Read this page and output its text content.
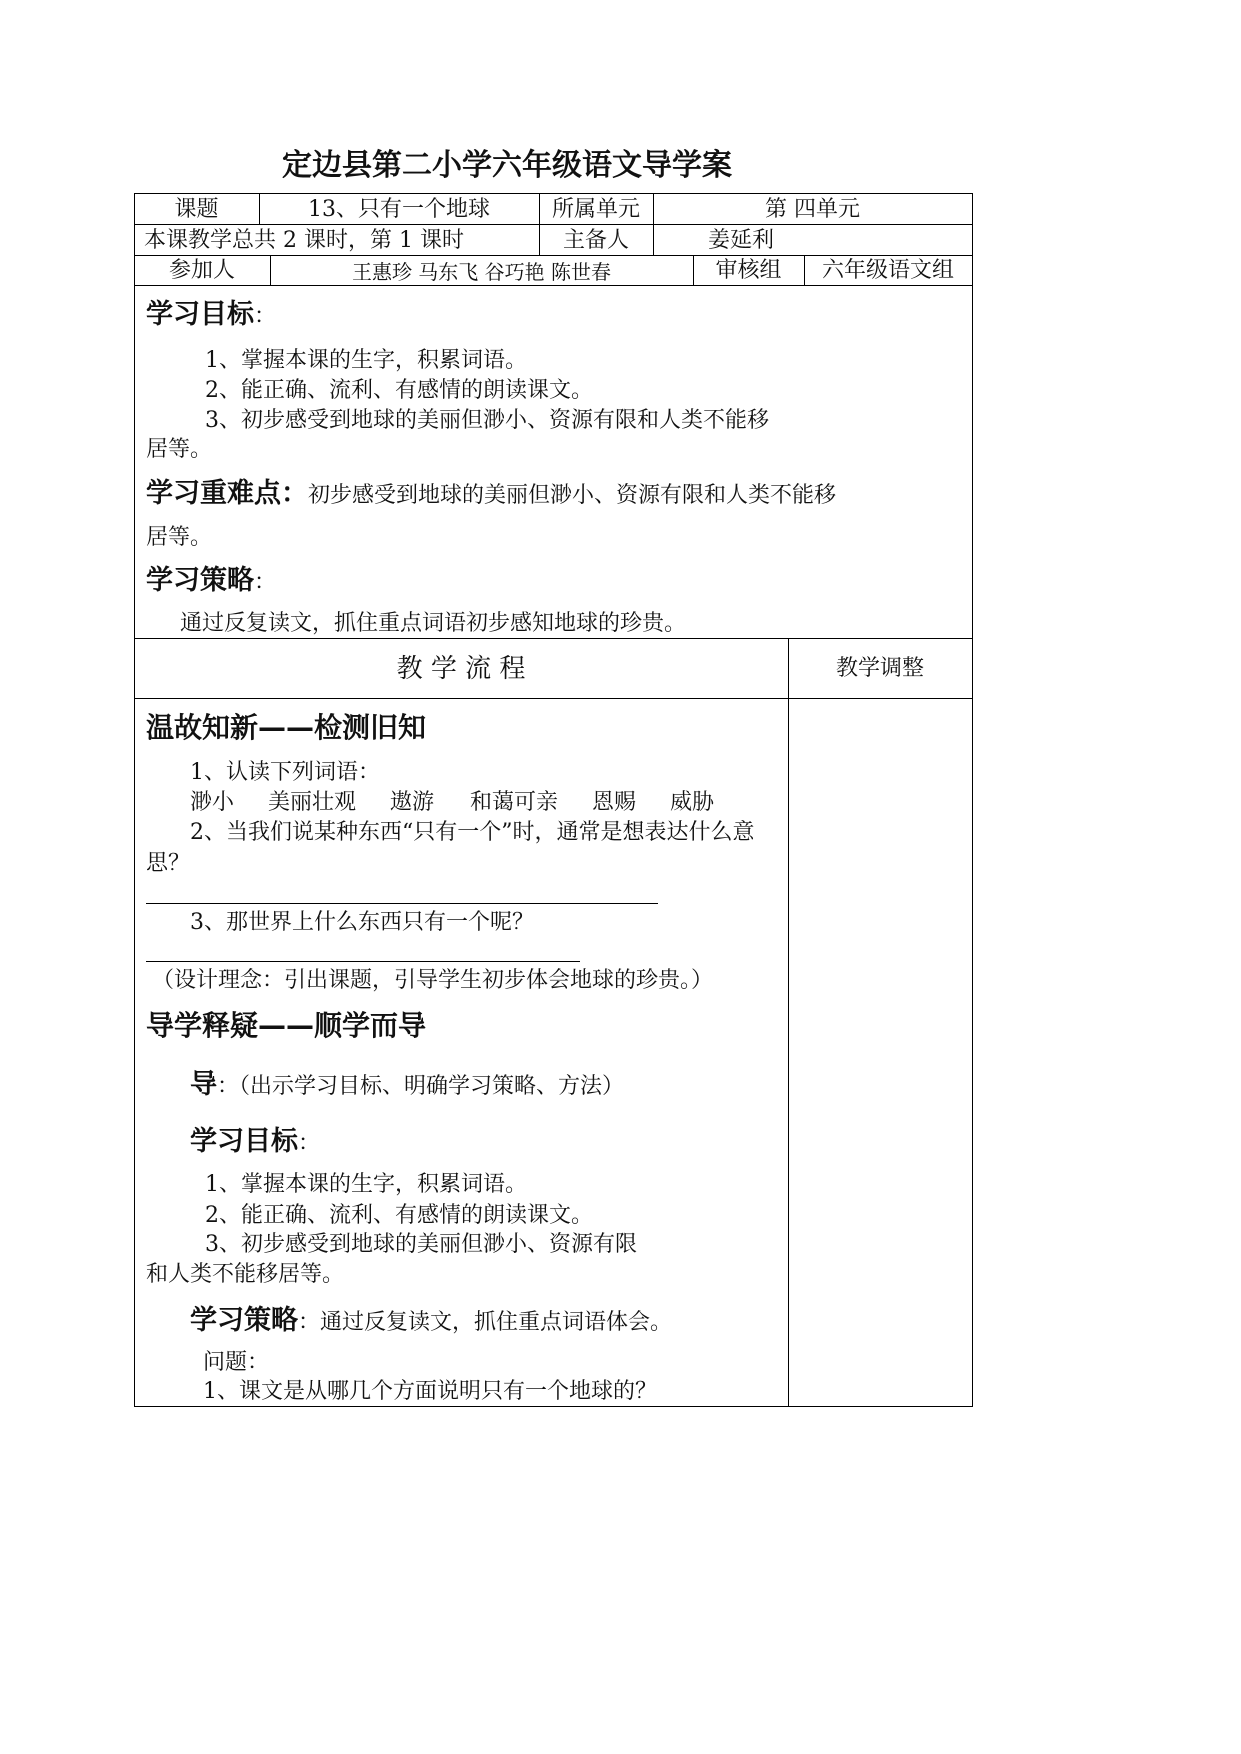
定边县第二小学六年级语文导学案
课题	13、只有一个地球	所属单元	第 四单元
本课教学总共 2 课时，第 1 课时	主备人	姜延利
参加人	王惠珍 马东飞 谷巧艳 陈世春	审核组	六年级语文组
学习目标：
1、掌握本课的生字，积累词语。
2、能正确、流利、有感情的朗读课文。
3、初步感受到地球的美丽但渺小、资源有限和人类不能移
居等。
学习重难点：初步感受到地球的美丽但渺小、资源有限和人类不能移
居等。
学习策略：
通过反复读文，抓住重点词语初步感知地球的珍贵。
教 学 流 程	教学调整
温故知新——检测旧知
1、认读下列词语：
渺小 美丽壮观 遨游 和蔼可亲 恩赐 威胁
2、当我们说某种东西“只有一个”时，通常是想表达什么意
思？
3、那世界上什么东西只有一个呢？
（设计理念：引出课题，引导学生初步体会地球的珍贵。）
导学释疑——顺学而导
导：（出示学习目标、明确学习策略、方法）
学习目标：
1、掌握本课的生字，积累词语。
2、能正确、流利、有感情的朗读课文。
3、初步感受到地球的美丽但渺小、资源有限
和人类不能移居等。
学习策略：通过反复读文，抓住重点词语体会。
问题：
1、课文是从哪几个方面说明只有一个地球的？
